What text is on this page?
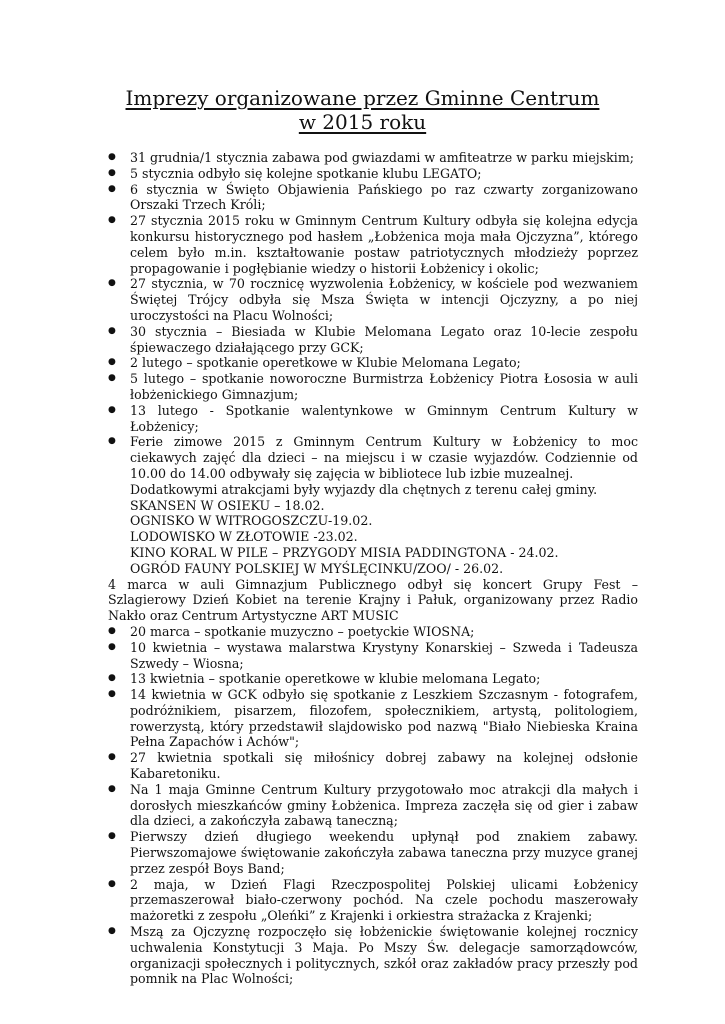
Imprezy organizowane przez Gminne Centrum
w 2015 roku
● 31 grudnia/1 stycznia zabawa pod gwiazdami w amfiteatrze w parku miejskim;
● 5 stycznia odbyło się kolejne spotkanie klubu LEGATO;
● 6 stycznia w Święto Objawienia Pańskiego po raz czwarty zorganizowano Orszaki Trzech Króli;
● 27 stycznia 2015 roku w Gminnym Centrum Kultury odbyła się kolejna edycja konkursu historycznego pod hasłem „Łobżenica moja mała Ojczyzna”, którego celem było m.in. kształtowanie postaw patriotycznych młodzieży poprzez propagowanie i pogłębianie wiedzy o historii Łobżenicy i okolic;
● 27 stycznia, w 70 rocznicę wyzwolenia Łobżenicy, w kościele pod wezwaniem Świętej Trójcy odbyła się Msza Święta w intencji Ojczyzny, a po niej uroczystości na Placu Wolności;
● 30 stycznia – Biesiada w Klubie Melomana Legato oraz 10-lecie zespołu śpiewaczego działającego przy GCK;
● 2 lutego – spotkanie operetkowe w Klubie Melomana Legato;
● 5 lutego – spotkanie noworoczne Burmistrza Łobżenicy Piotra Łososia w auli łobżenickiego Gimnazjum;
● 13 lutego - Spotkanie walentynkowe w Gminnym Centrum Kultury w Łobżenicy;
● Ferie zimowe 2015 z Gminnym Centrum Kultury w Łobżenicy to moc ciekawych zajęć dla dzieci – na miejscu i w czasie wyjazdów. Codziennie od 10.00 do 14.00 odbywały się zajęcia w bibliotece lub izbie muzealnej.
Dodatkowymi atrakcjami były wyjazdy dla chętnych z terenu całej gminy.
SKANSEN W OSIEKU – 18.02.
OGNISKO W WITROGOSZCZU-19.02.
LODOWISKO W ZŁOTOWIE -23.02.
KINO KORAL W PILE – PRZYGODY MISIA PADDINGTONA - 24.02.
OGRÓD FAUNY POLSKIEJ W MYŚLĘCINKU/ZOO/ - 26.02.
4 marca w auli Gimnazjum Publicznego odbył się koncert Grupy Fest – Szlagierowy Dzień Kobiet na terenie Krajny i Pałuk, organizowany przez Radio Nakło oraz Centrum Artystyczne ART MUSIC
● 20 marca – spotkanie muzyczno – poetyckie WIOSNA;
● 10 kwietnia – wystawa malarstwa Krystyny Konarskiej – Szweda i Tadeusza Szwedy – Wiosna;
● 13 kwietnia – spotkanie operetkowe w klubie melomana Legato;
● 14 kwietnia w GCK odbyło się spotkanie z Leszkiem Szczasnym - fotografem, podróżnikiem, pisarzem, filozofem, społecznikiem, artystą, politologiem, rowerzystą, który przedstawił slajdowisko pod nazwą "Biało Niebieska Kraina Pełna Zapachów i Achów";
● 27 kwietnia spotkali się miłośnicy dobrej zabawy na kolejnej odsłonie Kabaretoniku.
● Na 1 maja Gminne Centrum Kultury przygotowało moc atrakcji dla małych i dorosłych mieszkańców gminy Łobżenica. Impreza zaczęła się od gier i zabaw dla dzieci, a zakończyła zabawą taneczną;
● Pierwszy dzień długiego weekendu upłynął pod znakiem zabawy. Pierwszomajowe świętowanie zakończyła zabawa taneczna przy muzyce granej przez zespół Boys Band;
● 2 maja, w Dzień Flagi Rzeczpospolitej Polskiej ulicami Łobżenicy przemaszerował biało-czerwony pochód. Na czele pochodu maszerowały mażoretki z zespołu „Oleńki” z Krajenki i orkiestra strażacka z Krajenki;
● Mszą za Ojczyznę rozpoczęło się łobżenickie świętowanie kolejnej rocznicy uchwalenia Konstytucji 3 Maja. Po Mszy Św. delegacje samorządowców, organizacji społecznych i politycznych, szkół oraz zakładów pracy przeszły pod pomnik na Plac Wolności;
